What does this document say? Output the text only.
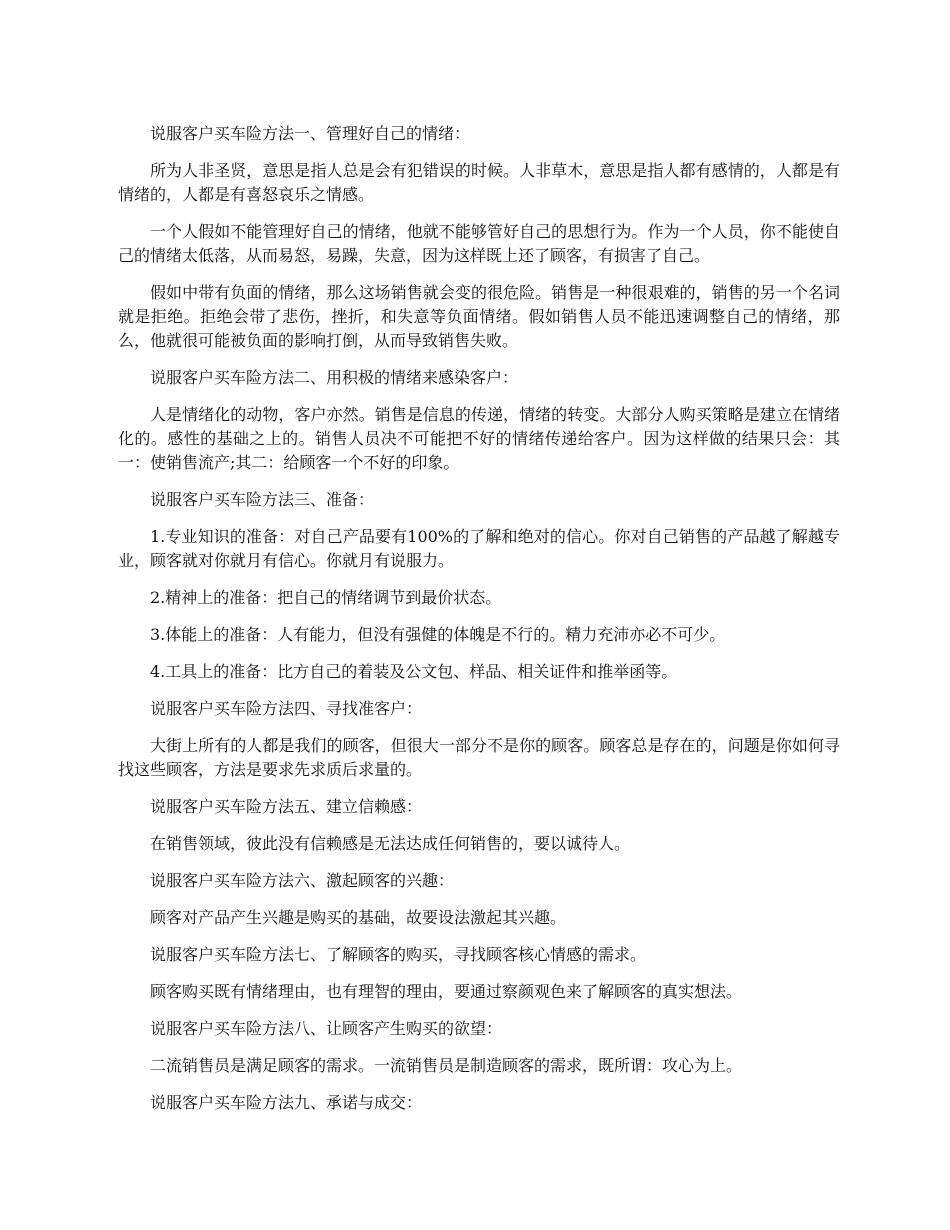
说服客户买车险方法一、管理好自己的情绪：

所为人非圣贤，意思是指人总是会有犯错误的时候。人非草木，意思是指人都有感情的，人都是有情绪的，人都是有喜怒哀乐之情感。

一个人假如不能管理好自己的情绪，他就不能够管好自己的思想行为。作为一个人员，你不能使自己的情绪太低落，从而易怒，易躁，失意，因为这样既上还了顾客，有损害了自己。

假如中带有负面的情绪，那么这场销售就会变的很危险。销售是一种很艰难的，销售的另一个名词就是拒绝。拒绝会带了悲伤，挫折，和失意等负面情绪。假如销售人员不能迅速调整自己的情绪，那么，他就很可能被负面的影响打倒，从而导致销售失败。

说服客户买车险方法二、用积极的情绪来感染客户：

人是情绪化的动物，客户亦然。销售是信息的传递，情绪的转变。大部分人购买策略是建立在情绪化的。感性的基础之上的。销售人员决不可能把不好的情绪传递给客户。因为这样做的结果只会：其一：使销售流产;其二：给顾客一个不好的印象。

说服客户买车险方法三、准备：

1.专业知识的准备：对自己产品要有100%的了解和绝对的信心。你对自己销售的产品越了解越专业，顾客就对你就月有信心。你就月有说服力。

2.精神上的准备：把自己的情绪调节到最价状态。

3.体能上的准备：人有能力，但没有强健的体魄是不行的。精力充沛亦必不可少。

4.工具上的准备：比方自己的着装及公文包、样品、相关证件和推举函等。

说服客户买车险方法四、寻找准客户：

大街上所有的人都是我们的顾客，但很大一部分不是你的顾客。顾客总是存在的，问题是你如何寻找这些顾客，方法是要求先求质后求量的。

说服客户买车险方法五、建立信赖感：

在销售领域，彼此没有信赖感是无法达成任何销售的，要以诚待人。

说服客户买车险方法六、激起顾客的兴趣：

顾客对产品产生兴趣是购买的基础，故要设法激起其兴趣。

说服客户买车险方法七、了解顾客的购买，寻找顾客核心情感的需求。

顾客购买既有情绪理由，也有理智的理由，要通过察颜观色来了解顾客的真实想法。

说服客户买车险方法八、让顾客产生购买的欲望：

二流销售员是满足顾客的需求。一流销售员是制造顾客的需求，既所谓：攻心为上。

说服客户买车险方法九、承诺与成交：
